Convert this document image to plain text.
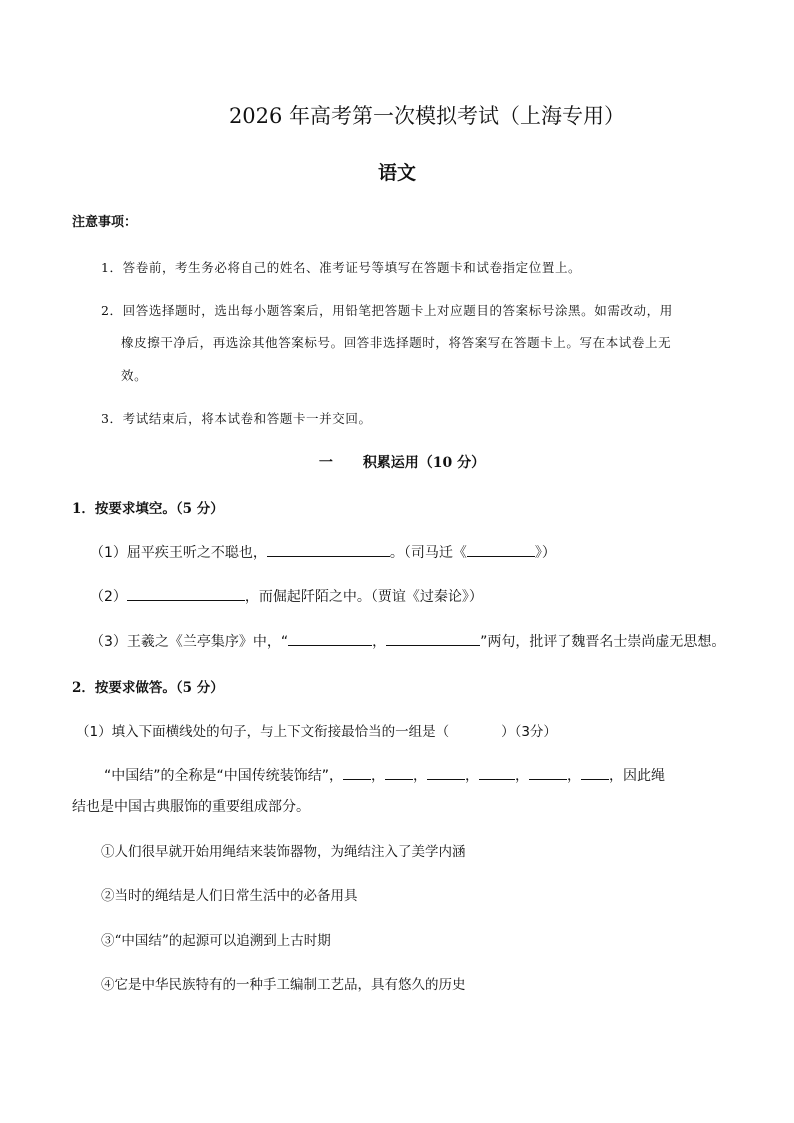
2026 年高考第一次模拟考试（上海专用）
语文
注意事项：
1．答卷前，考生务必将自己的姓名、准考证号等填写在答题卡和试卷指定位置上。
2．回答选择题时，选出每小题答案后，用铅笔把答题卡上对应题目的答案标号涂黑。如需改动，用
橡皮擦干净后，再选涂其他答案标号。回答非选择题时，将答案写在答题卡上。写在本试卷上无
效。
3．考试结束后，将本试卷和答题卡一并交回。
一 积累运用（10 分）
1．按要求填空。（5 分）
（1）屈平疾王听之不聪也，	。（司马迁《	》）
（2）	，而倔起阡陌之中。（贾谊《过秦论》）
（3）王羲之《兰亭集序》中，“	，	”两句，批评了魏晋名士崇尚虚无思想。
2．按要求做答。（5 分）
（1）填入下面横线处的句子，与上下文衔接最恰当的一组是（	）（3分）
“中国结”的全称是“中国传统装饰结”， ， ，	，	，	， ，因此绳
结也是中国古典服饰的重要组成部分。
①人们很早就开始用绳结来装饰器物，为绳结注入了美学内涵
②当时的绳结是人们日常生活中的必备用具
③“中国结”的起源可以追溯到上古时期
④它是中华民族特有的一种手工编制工艺品，具有悠久的历史
